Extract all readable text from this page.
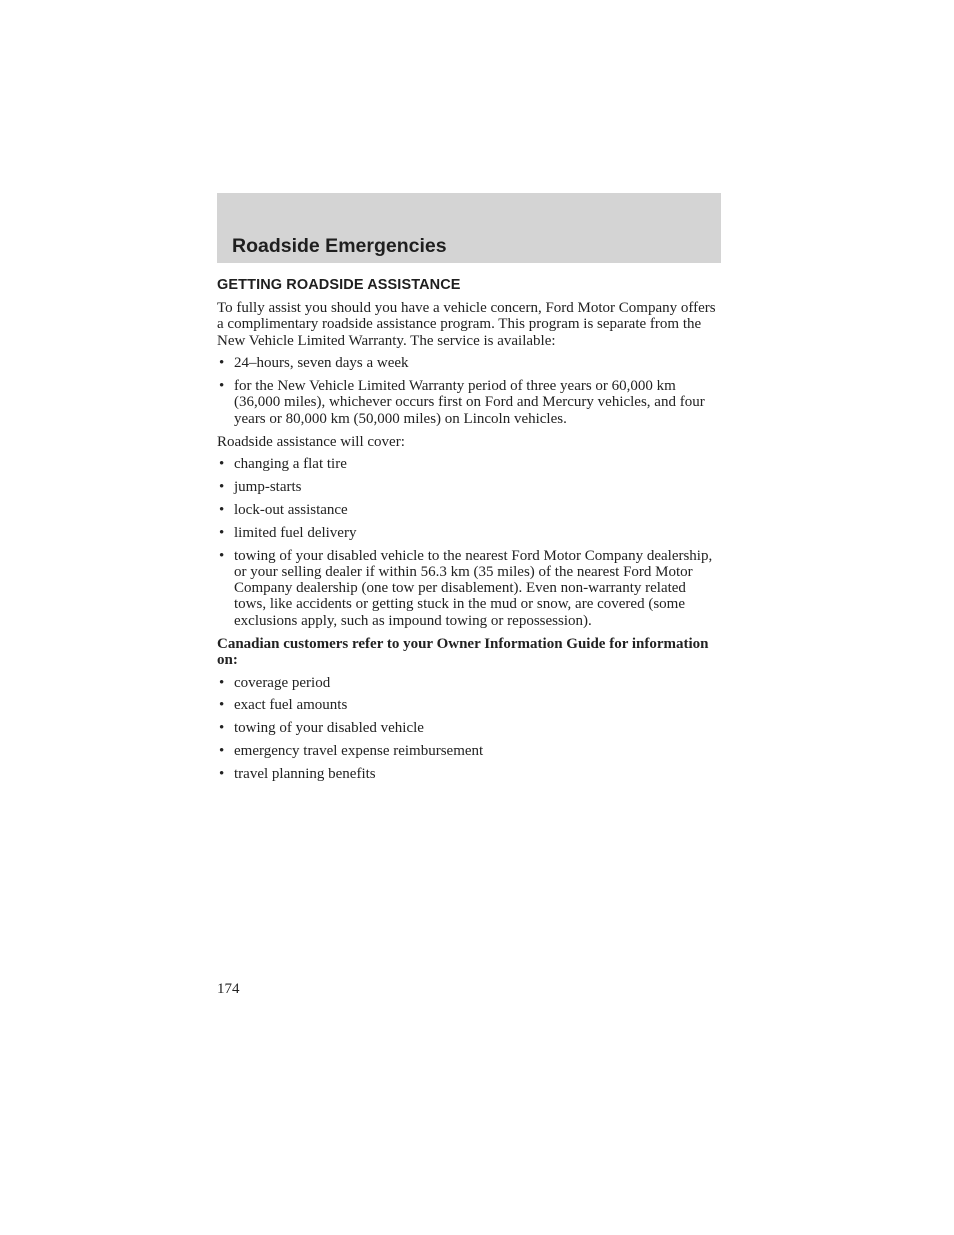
Roadside Emergencies
GETTING ROADSIDE ASSISTANCE

To fully assist you should you have a vehicle concern, Ford Motor Company offers a complimentary roadside assistance program. This program is separate from the New Vehicle Limited Warranty. The service is available:

• 24–hours, seven days a week
• for the New Vehicle Limited Warranty period of three years or 60,000 km (36,000 miles), whichever occurs first on Ford and Mercury vehicles, and four years or 80,000 km (50,000 miles) on Lincoln vehicles.

Roadside assistance will cover:

• changing a flat tire
• jump-starts
• lock-out assistance
• limited fuel delivery
• towing of your disabled vehicle to the nearest Ford Motor Company dealership, or your selling dealer if within 56.3 km (35 miles) of the nearest Ford Motor Company dealership (one tow per disablement). Even non-warranty related tows, like accidents or getting stuck in the mud or snow, are covered (some exclusions apply, such as impound towing or repossession).

Canadian customers refer to your Owner Information Guide for information on:

• coverage period
• exact fuel amounts
• towing of your disabled vehicle
• emergency travel expense reimbursement
• travel planning benefits
174
